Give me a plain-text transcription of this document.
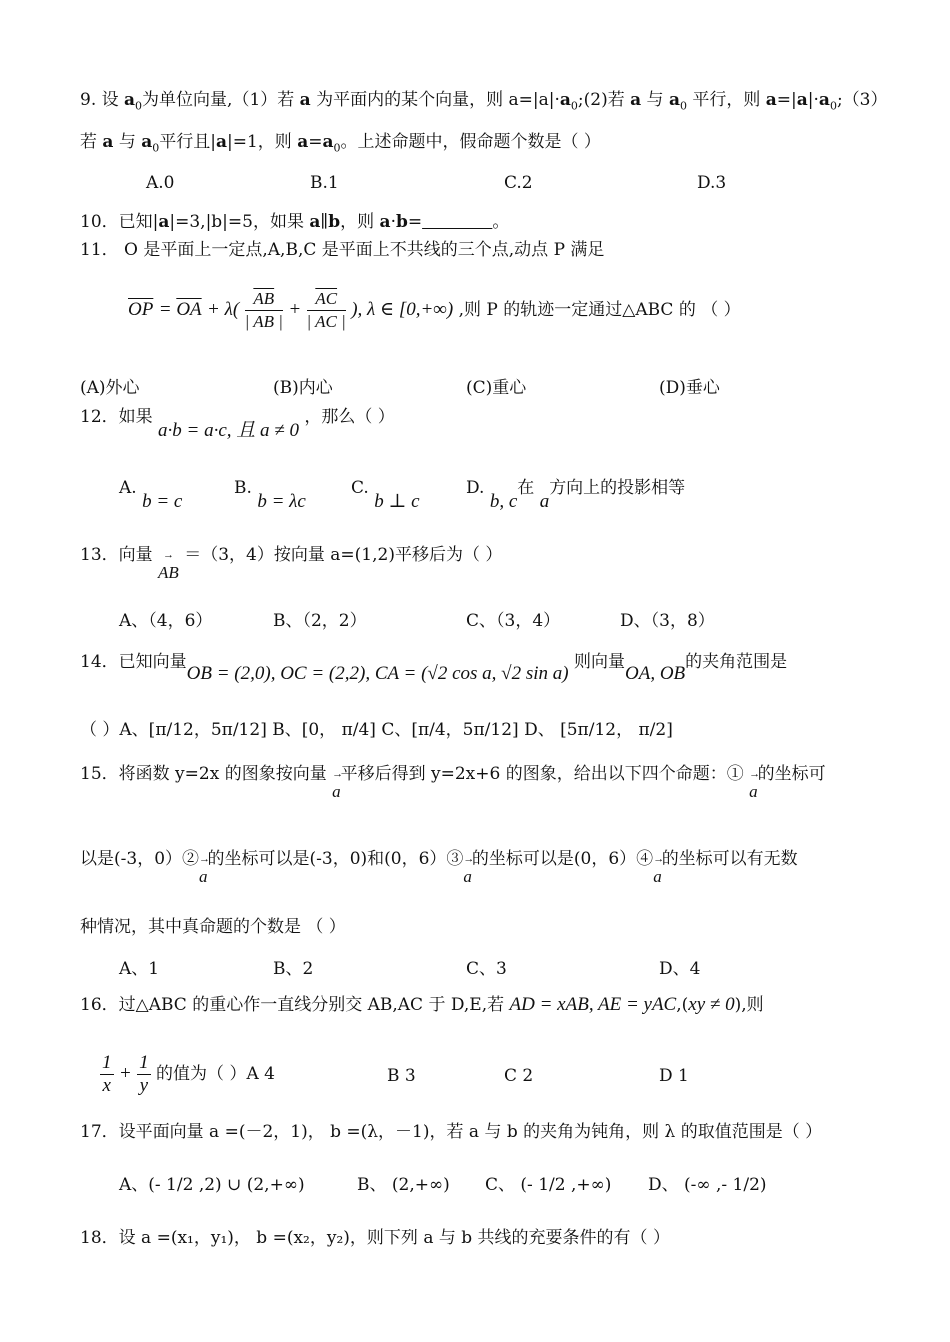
9. 设 $a_0$为单位向量,（1）若 a 为平面内的某个向量，则 $a=|a|\cdot a_0;(2)$若 a 与 $a_0$ 平行，则 $a=|a|\cdot a_0;(3)$
若 a 与 $a_0$平行且|a|=1，则 $a=a_0$。上述命题中，假命题个数是（ ）
A.0	B.1	C.2	D.3
10．已知|a|=3,|b|=5，如果 a∥b，则 a·b=	。
11． O 是平面上一定点,A,B,C 是平面上不共线的三个点,动点 P 满足
$\overline{OP} = \overline{OA} + \lambda( \frac{\overline{AB}}{| AB |} + \frac{\overline{AC}}{| AC |}$ ), λ ∈ [0,+∞) ,则 P 的轨迹一定通过△ABC 的 （ ）
(A)外心	(B)内心	(C)重心	(D)垂心
12．如果 a·b = a·c, 且 a ≠ 0 ，那么（ ）
A. b = c
B. b = λc
C. b ⊥ c
D. b, c在 a方向上的投影相等
13．向量 →
AB ＝（3，4）按向量 a=(1,2)平移后为（ ）
A、（4，6）	B、（2，2）	C、（3，4）	D、（3，8）
14．已知向量OB = (2,0), OC = (2,2), CA = (√2 cos a, √2 sin a) 则向量OA, OB的夹角范围是
（ ）A、[π/12，5π/12] B、[0， π/4] C、[π/4，5π/12] D、 [5π/12， π/2]
15．将函数 y=2x 的图象按向量 →
a平移后得到 y=2x+6 的图象，给出以下四个命题：① →
a的坐标可
以是(-3，0）② →
a的坐标可以是(-3，0)和(0，6）③ →
a的坐标可以是(0，6）④ →
a的坐标可以有无数
种情况，其中真命题的个数是 （ ）
A、1	B、2	C、3	D、4
16．过△ABC 的重心作一直线分别交 AB,AC 于 D,E,若 AD = xAB, AE = yAC,(xy ≠ 0),则
$\frac{1}{x} + \frac{1}{y}$ 的值为（ ）A 4	B 3	C 2	D 1
17．设平面向量 a =(－2，1)， b =(λ，－1)，若 a 与 b 的夹角为钝角，则 λ 的取值范围是（ ）
A、(- 1/2 ,2) ∪ (2,+∞)	B、 (2,+∞) C、 (- 1/2 ,+∞) D、 (-∞ ,- 1/2)
18．设 a =(x₁，y₁)， b =(x₂，y₂)，则下列 a 与 b 共线的充要条件的有（ ）
